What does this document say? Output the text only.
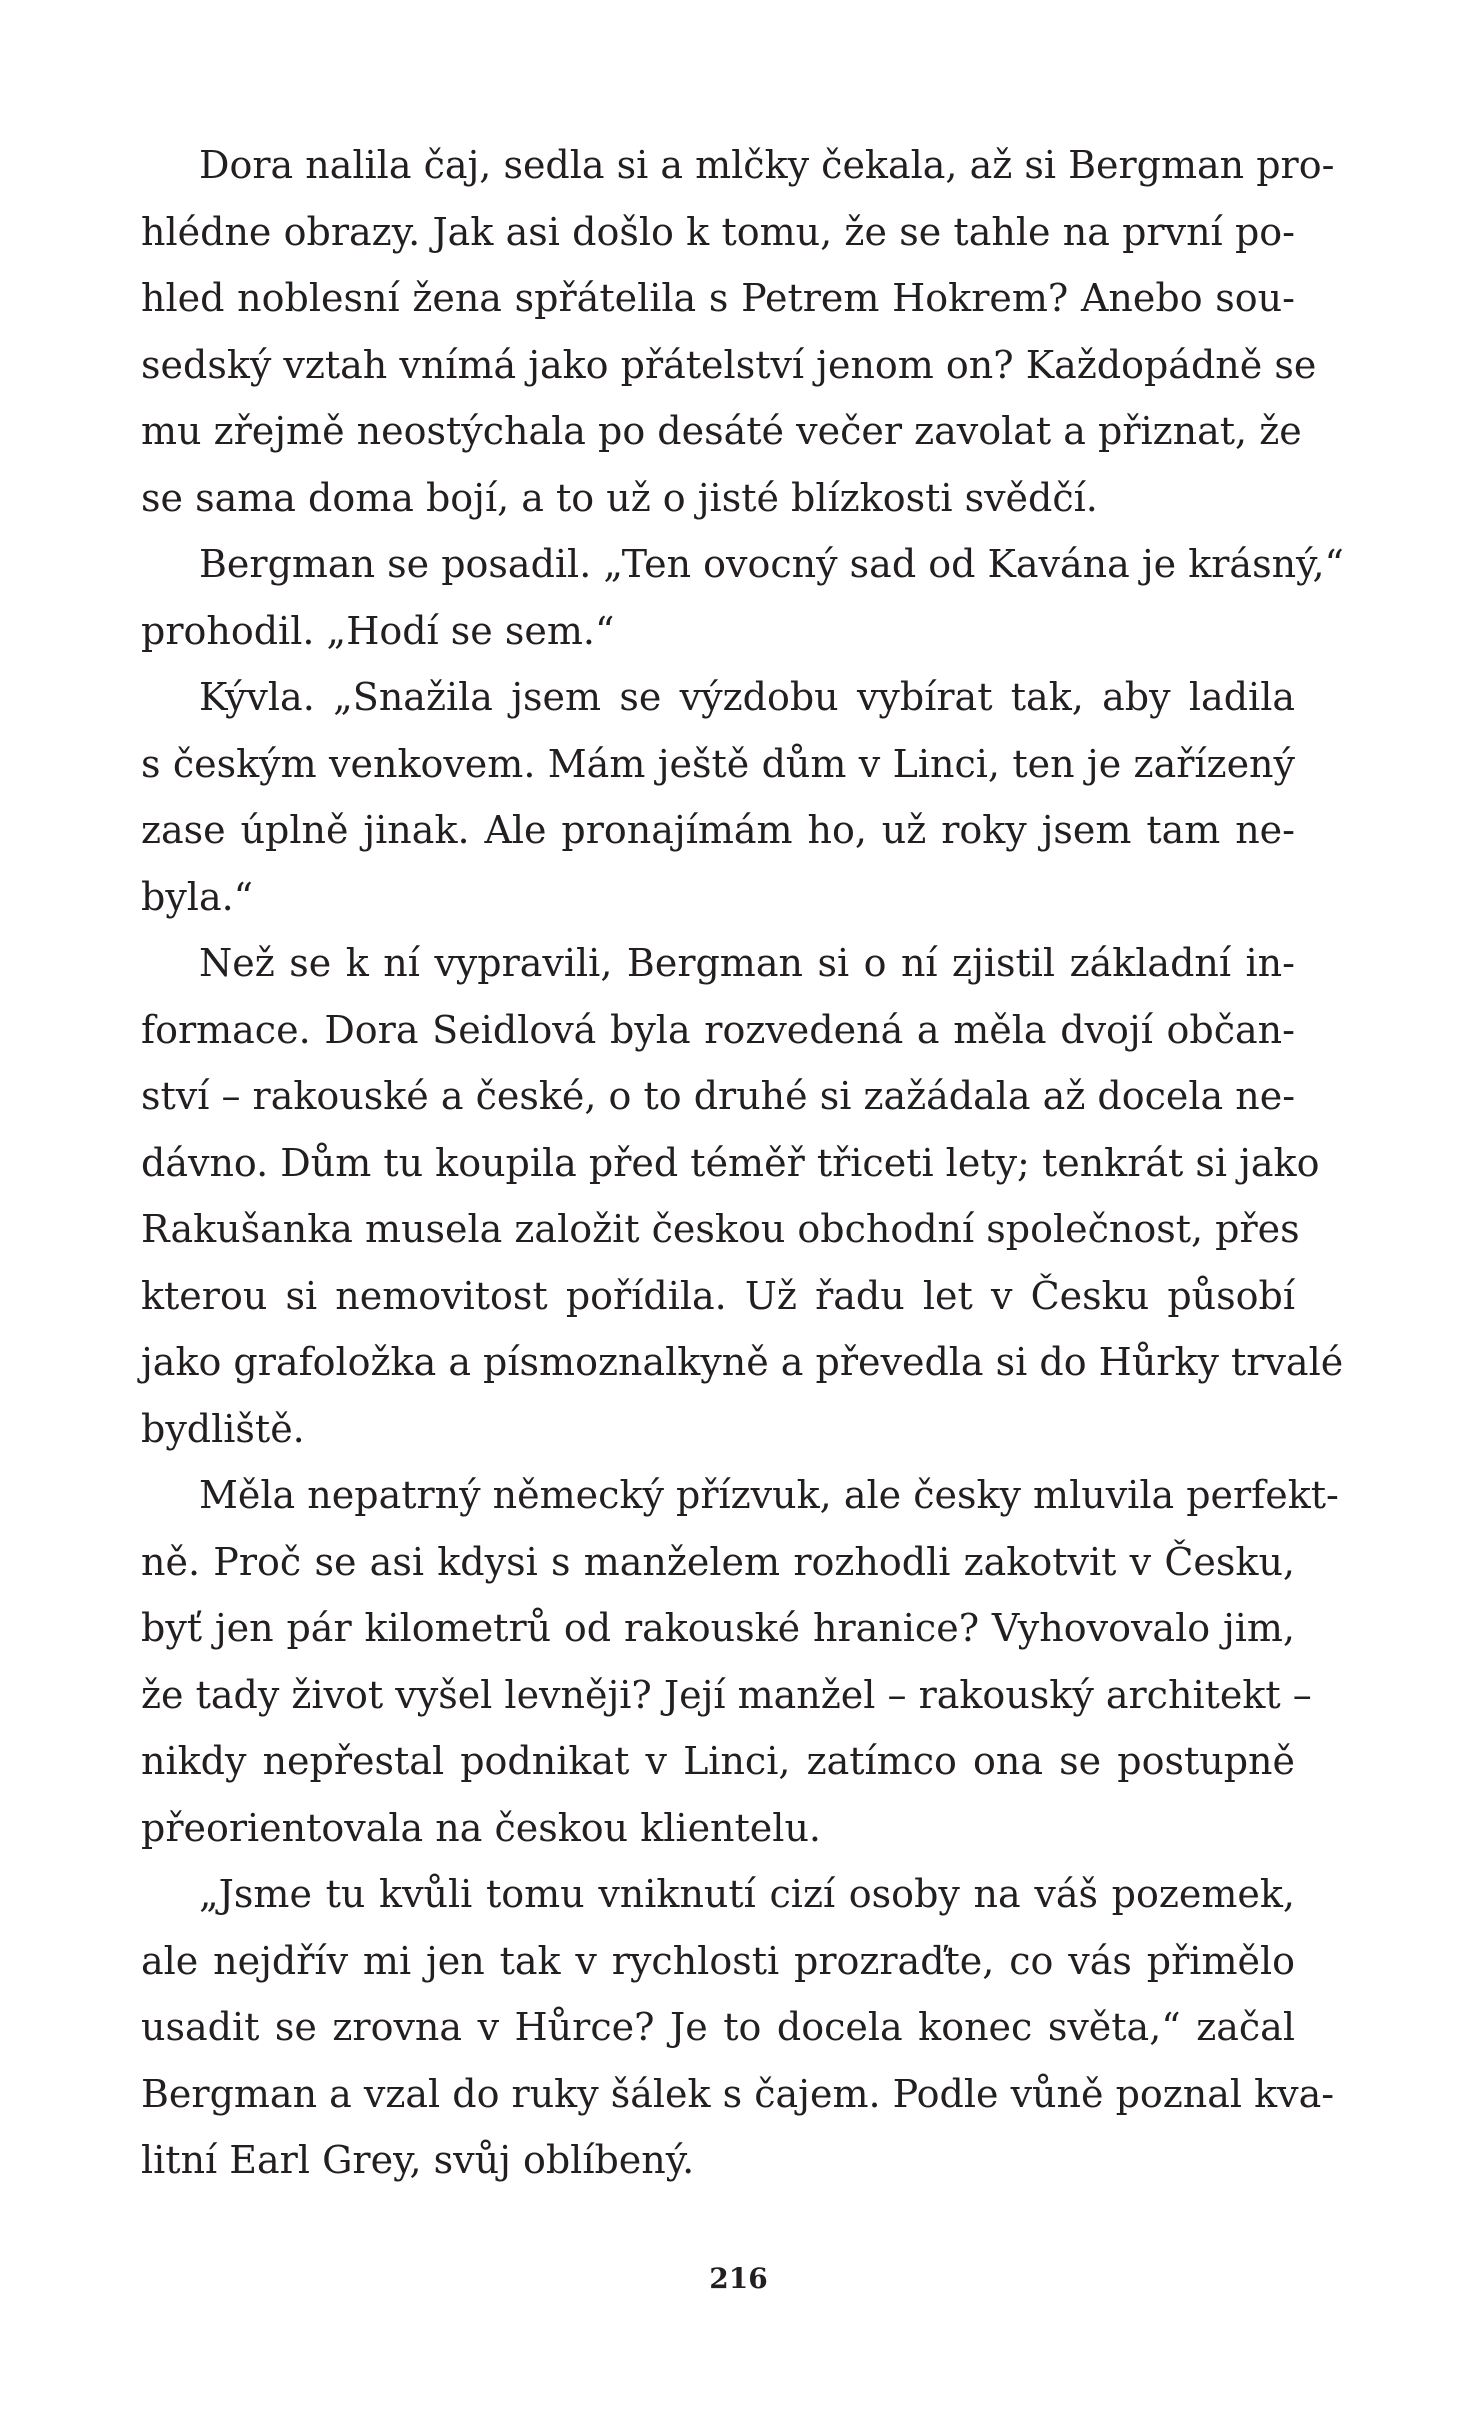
Dora nalila čaj, sedla si a mlčky čekala, až si Bergman pro-
hlédne obrazy. Jak asi došlo k tomu, že se tahle na první po-
hled noblesní žena spřátelila s Petrem Hokrem? Anebo sou-
sedský vztah vnímá jako přátelství jenom on? Každopádně se
mu zřejmě neostýchala po desáté večer zavolat a přiznat, že
se sama doma bojí, a to už o jisté blízkosti svědčí.
Bergman se posadil. „Ten ovocný sad od Kavána je krásný,“
prohodil. „Hodí se sem.“
Kývla. „Snažila jsem se výzdobu vybírat tak, aby ladila
s českým venkovem. Mám ještě dům v Linci, ten je zařízený
zase úplně jinak. Ale pronajímám ho, už roky jsem tam ne-
byla.“
Než se k ní vypravili, Bergman si o ní zjistil základní in-
formace. Dora Seidlová byla rozvedená a měla dvojí občan-
ství – rakouské a české, o to druhé si zažádala až docela ne-
dávno. Dům tu koupila před téměř třiceti lety; tenkrát si jako
Rakušanka musela založit českou obchodní společnost, přes
kterou si nemovitost pořídila. Už řadu let v Česku působí
jako grafoložka a písmoznalkyně a převedla si do Hůrky trvalé
bydliště.
Měla nepatrný německý přízvuk, ale česky mluvila perfekt-
ně. Proč se asi kdysi s manželem rozhodli zakotvit v Česku,
byť jen pár kilometrů od rakouské hranice? Vyhovovalo jim,
že tady život vyšel levněji? Její manžel – rakouský architekt –
nikdy nepřestal podnikat v Linci, zatímco ona se postupně
přeorientovala na českou klientelu.
„Jsme tu kvůli tomu vniknutí cizí osoby na váš pozemek,
ale nejdřív mi jen tak v rychlosti prozraďte, co vás přimělo
usadit se zrovna v Hůrce? Je to docela konec světa,“ začal
Bergman a vzal do ruky šálek s čajem. Podle vůně poznal kva-
litní Earl Grey, svůj oblíbený.
216
